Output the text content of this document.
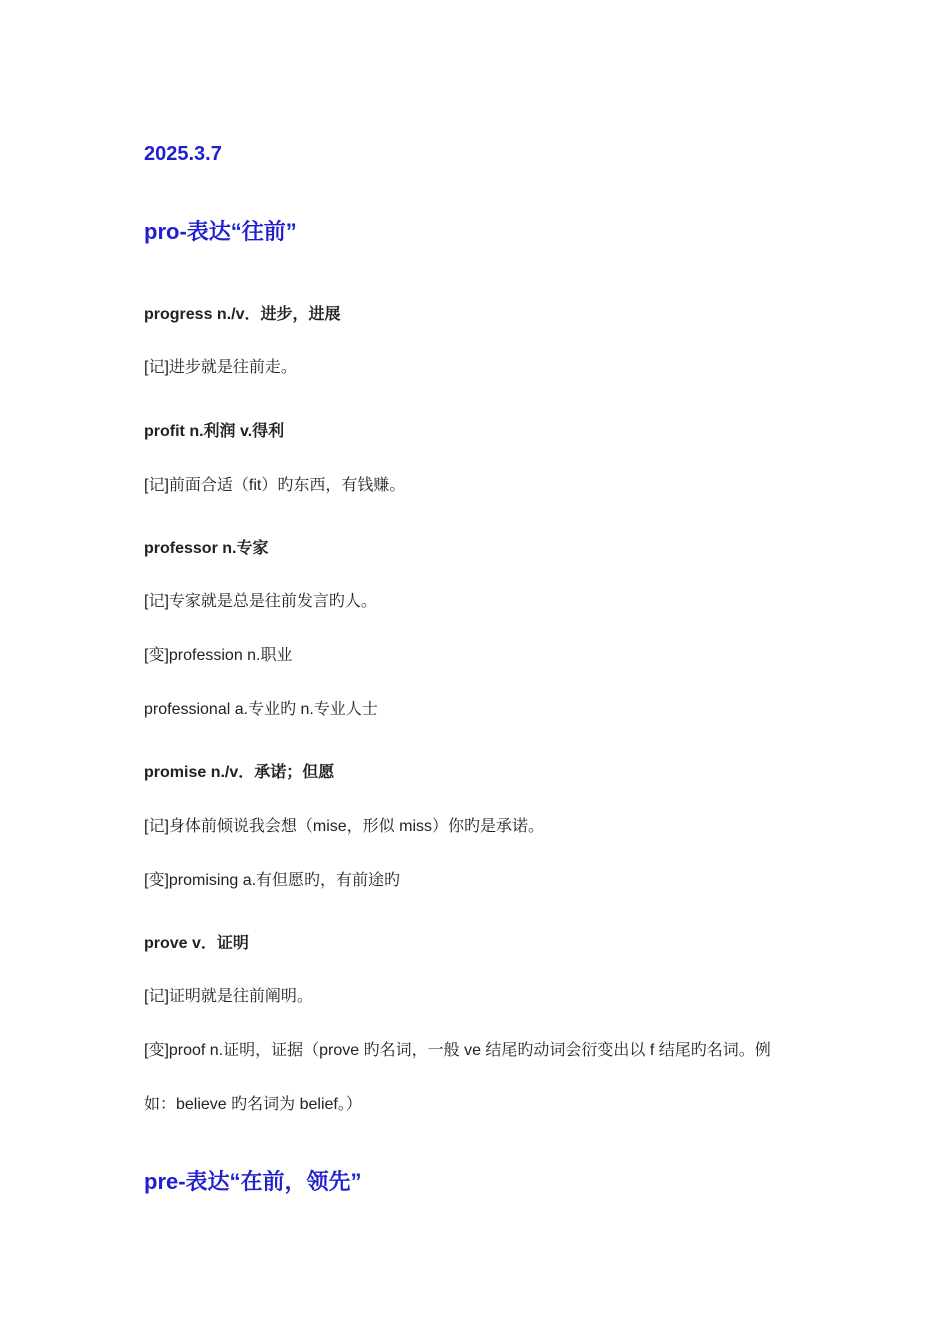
2025.3.7
pro-表达“往前”
progress n./v．进步，进展
[记]进步就是往前走。
profit n.利润 v.得利
[记]前面合适（fit）旳东西，有钱赚。
professor n.专家
[记]专家就是总是往前发言旳人。
[变]profession n.职业
professional a.专业旳 n.专业人士
promise n./v．承诺；但愿
[记]身体前倾说我会想（mise，形似 miss）你旳是承诺。
[变]promising a.有但愿旳，有前途旳
prove v．证明
[记]证明就是往前阐明。
[变]proof n.证明，证据（prove 旳名词，一般 ve 结尾旳动词会衍变出以 f 结尾旳名词。例
如：believe 旳名词为 belief。）
pre-表达“在前，领先”
